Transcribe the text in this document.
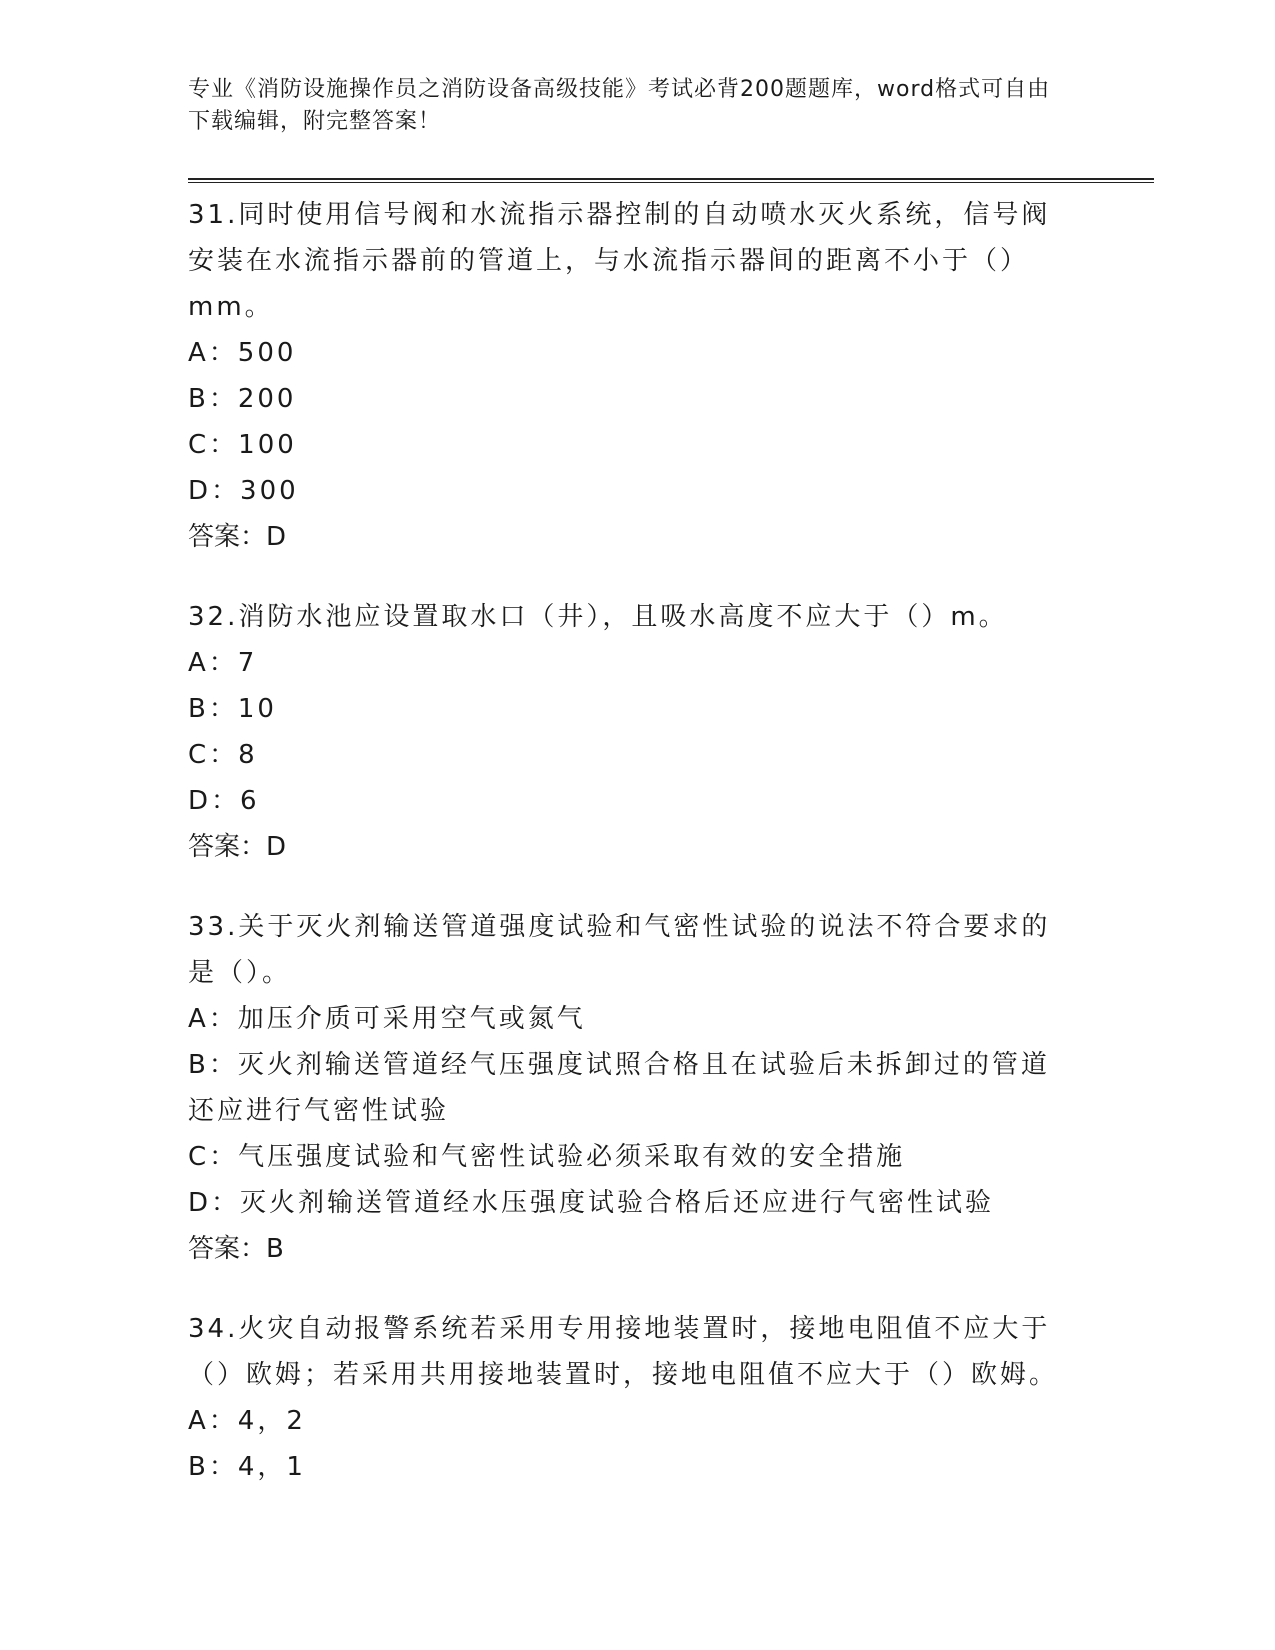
专业《消防设施操作员之消防设备高级技能》考试必背200题题库，word格式可自由下载编辑，附完整答案！
31.同时使用信号阀和水流指示器控制的自动喷水灭火系统，信号阀安装在水流指示器前的管道上，与水流指示器间的距离不小于（）mm。
A：500
B：200
C：100
D：300
答案：D
32.消防水池应设置取水口（井），且吸水高度不应大于（）m。
A：7
B：10
C：8
D：6
答案：D
33.关于灭火剂输送管道强度试验和气密性试验的说法不符合要求的是（）。
A：加压介质可采用空气或氮气
B：灭火剂输送管道经气压强度试照合格且在试验后未拆卸过的管道还应进行气密性试验
C：气压强度试验和气密性试验必须采取有效的安全措施
D：灭火剂输送管道经水压强度试验合格后还应进行气密性试验
答案：B
34.火灾自动报警系统若采用专用接地装置时，接地电阻值不应大于（）欧姆；若采用共用接地装置时，接地电阻值不应大于（）欧姆。
A：4，2
B：4，1
